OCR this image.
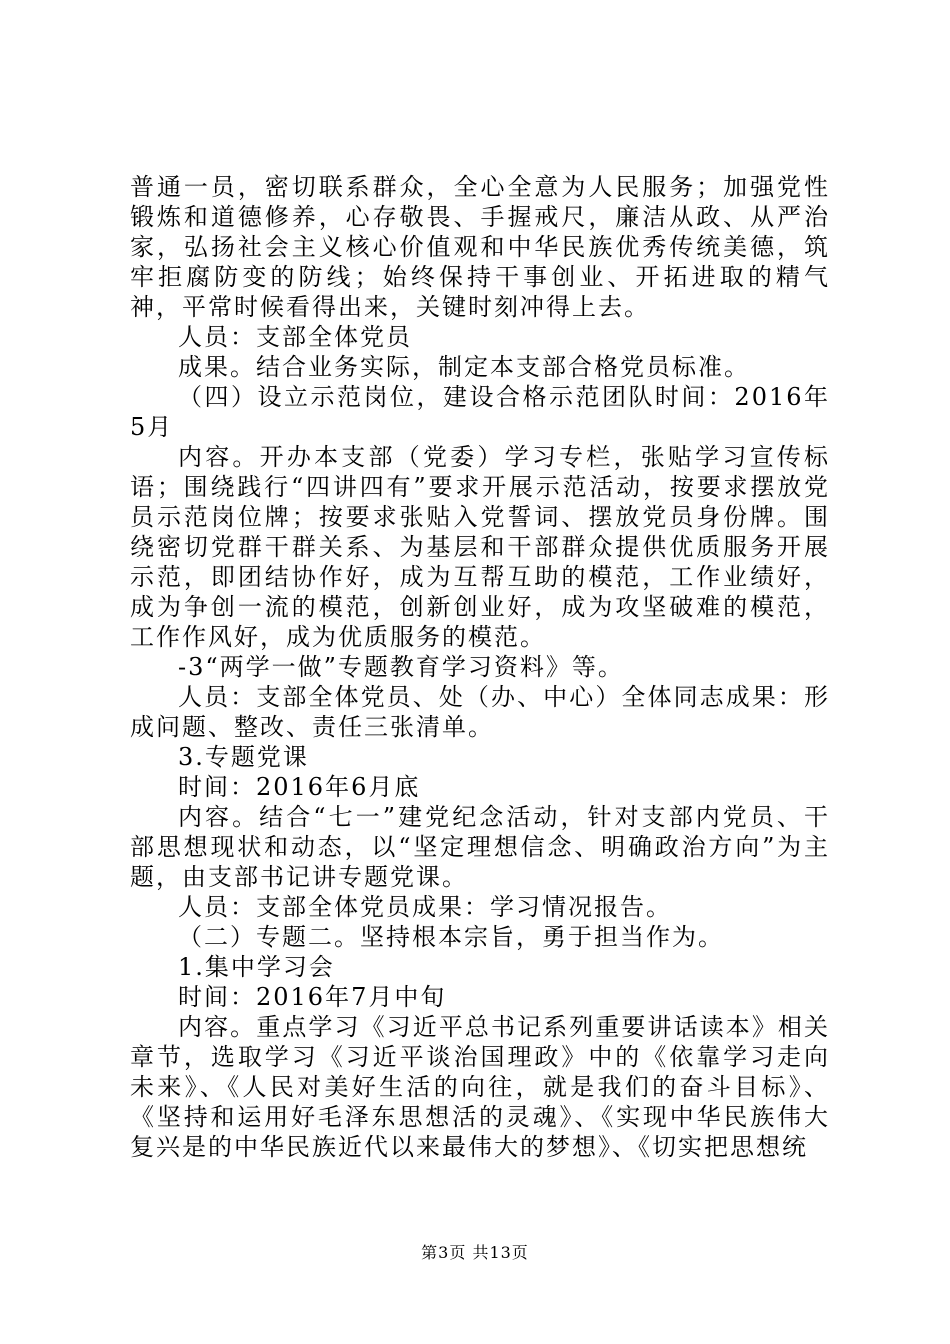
普通一员，密切联系群众，全心全意为人民服务；加强党性锻炼和道德修养，心存敬畏、手握戒尺，廉洁从政、从严治家，弘扬社会主义核心价值观和中华民族优秀传统美德，筑牢拒腐防变的防线；始终保持干事创业、开拓进取的精气神，平常时候看得出来，关键时刻冲得上去。

人员：支部全体党员

成果。结合业务实际，制定本支部合格党员标准。

（四）设立示范岗位，建设合格示范团队时间：2016年5月

内容。开办本支部（党委）学习专栏，张贴学习宣传标语；围绕践行“四讲四有”要求开展示范活动，按要求摆放党员示范岗位牌；按要求张贴入党誓词、摆放党员身份牌。围绕密切党群干群关系、为基层和干部群众提供优质服务开展示范，即团结协作好，成为互帮互助的模范，工作业绩好，成为争创一流的模范，创新创业好，成为攻坚破难的模范，工作作风好，成为优质服务的模范。

-3“两学一做”专题教育学习资料》等。

人员：支部全体党员、处（办、中心）全体同志成果：形成问题、整改、责任三张清单。

3.专题党课

时间：2016年6月底

内容。结合“七一”建党纪念活动，针对支部内党员、干部思想现状和动态，以“坚定理想信念、明确政治方向”为主题，由支部书记讲专题党课。

人员：支部全体党员成果：学习情况报告。

（二）专题二。坚持根本宗旨，勇于担当作为。

1.集中学习会

时间：2016年7月中旬

内容。重点学习《习近平总书记系列重要讲话读本》相关章节，选取学习《习近平谈治国理政》中的《依靠学习走向未来》、《人民对美好生活的向往，就是我们的奋斗目标》、《坚持和运用好毛泽东思想活的灵魂》、《实现中华民族伟大复兴是的中华民族近代以来最伟大的梦想》、《切实把思想统

第3页 共13页
